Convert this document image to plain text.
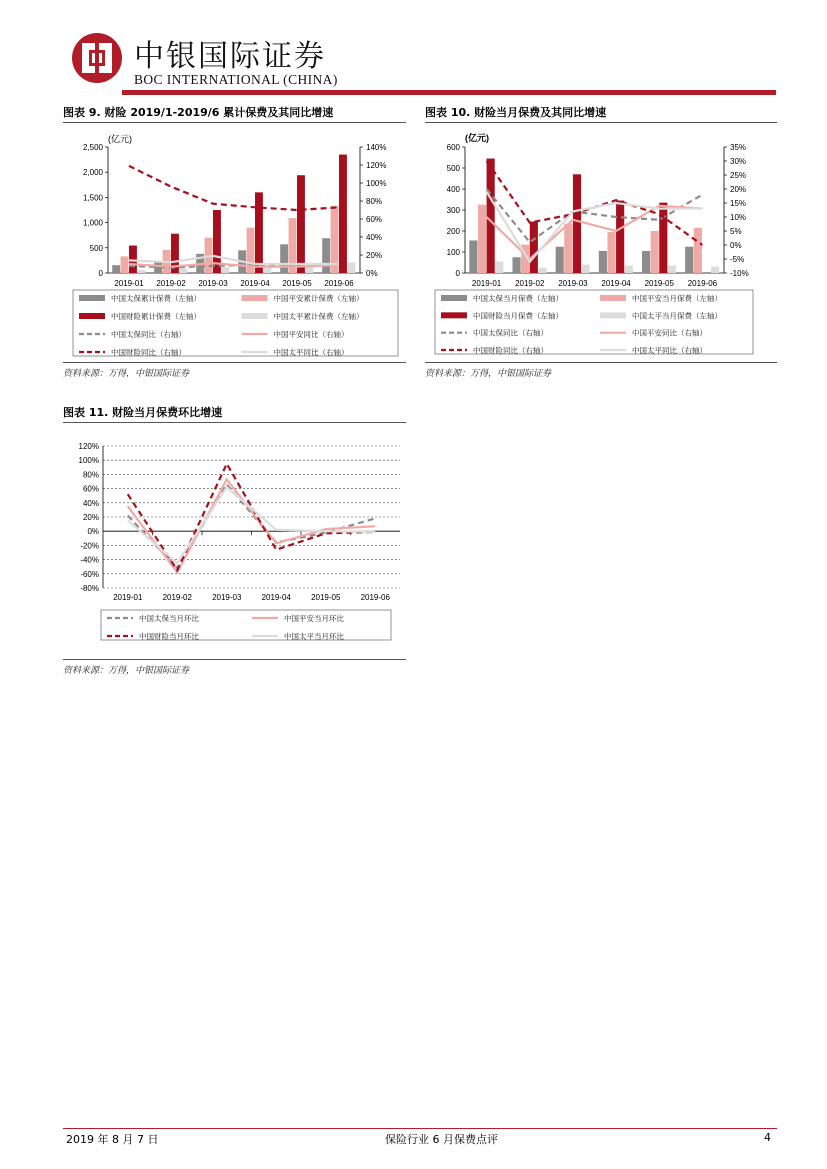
中银国际证券
BOC INTERNATIONAL (CHINA)
图表 9. 财险 2019/1-2019/6 累计保费及其同比增速
(亿元)
0
500
1,000
1,500
2,000
2,500
0%
20%
40%
60%
80%
100%
120%
140%
2019-01 2019-02 2019-03 2019-04 2019-05 2019-06
中国太保累计保费（左轴）	中国平安累计保费（左轴）
中国财险累计保费（左轴）	中国太平累计保费（左轴）
中国太保同比（右轴）	中国平安同比（右轴）
中国财险同比（右轴）	中国太平同比（右轴）
资料来源：万得，中银国际证券
图表 10. 财险当月保费及其同比增速
(亿元)
0
100
200
300
400
500
600
-10%
-5%
0%
5%
10%
15%
20%
25%
30%
35%
2019-01 2019-02 2019-03 2019-04 2019-05 2019-06
中国太保当月保费（左轴）	中国平安当月保费（左轴）
中国财险当月保费（左轴）	中国太平当月保费（左轴）
中国太保同比（右轴）	中国平安同比（右轴）
中国财险同比（右轴）	中国太平同比（右轴）
资料来源：万得，中银国际证券
图表 11. 财险当月保费环比增速
-80%
-60%
-40%
-20%
0%
20%
40%
60%
80%
100%
120%
2019-01	2019-02	2019-03	2019-04	2019-05	2019-06
中国太保当月环比	中国平安当月环比
中国财险当月环比	中国太平当月环比
资料来源：万得，中银国际证券
2019 年 8 月 7 日	保险行业 6 月保费点评	4
